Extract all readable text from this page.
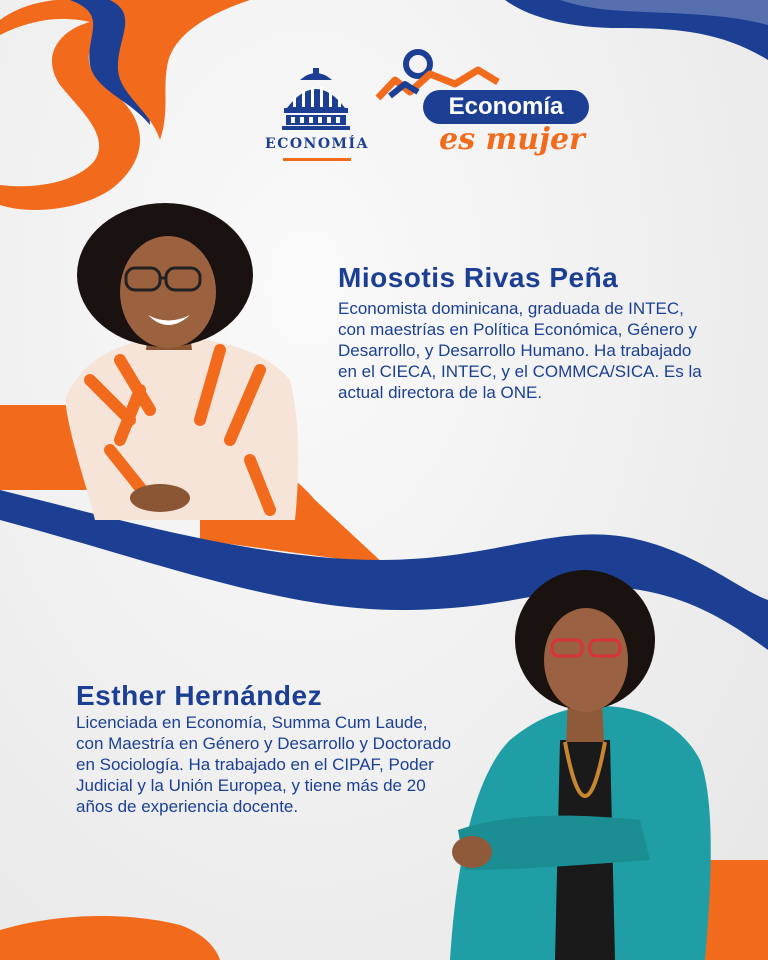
ECONOMÍA
Economía
es mujer
Miosotis Rivas Peña
Economista dominicana, graduada de INTEC, con maestrías en Política Económica, Género y Desarrollo, y Desarrollo Humano. Ha trabajado en el CIECA, INTEC, y el COMMCA/SICA. Es la actual directora de la ONE.
Esther Hernández
Licenciada en Economía, Summa Cum Laude, con Maestría en Género y Desarrollo y Doctorado en Sociología. Ha trabajado en el CIPAF, Poder Judicial y la Unión Europea, y tiene más de 20 años de experiencia docente.
